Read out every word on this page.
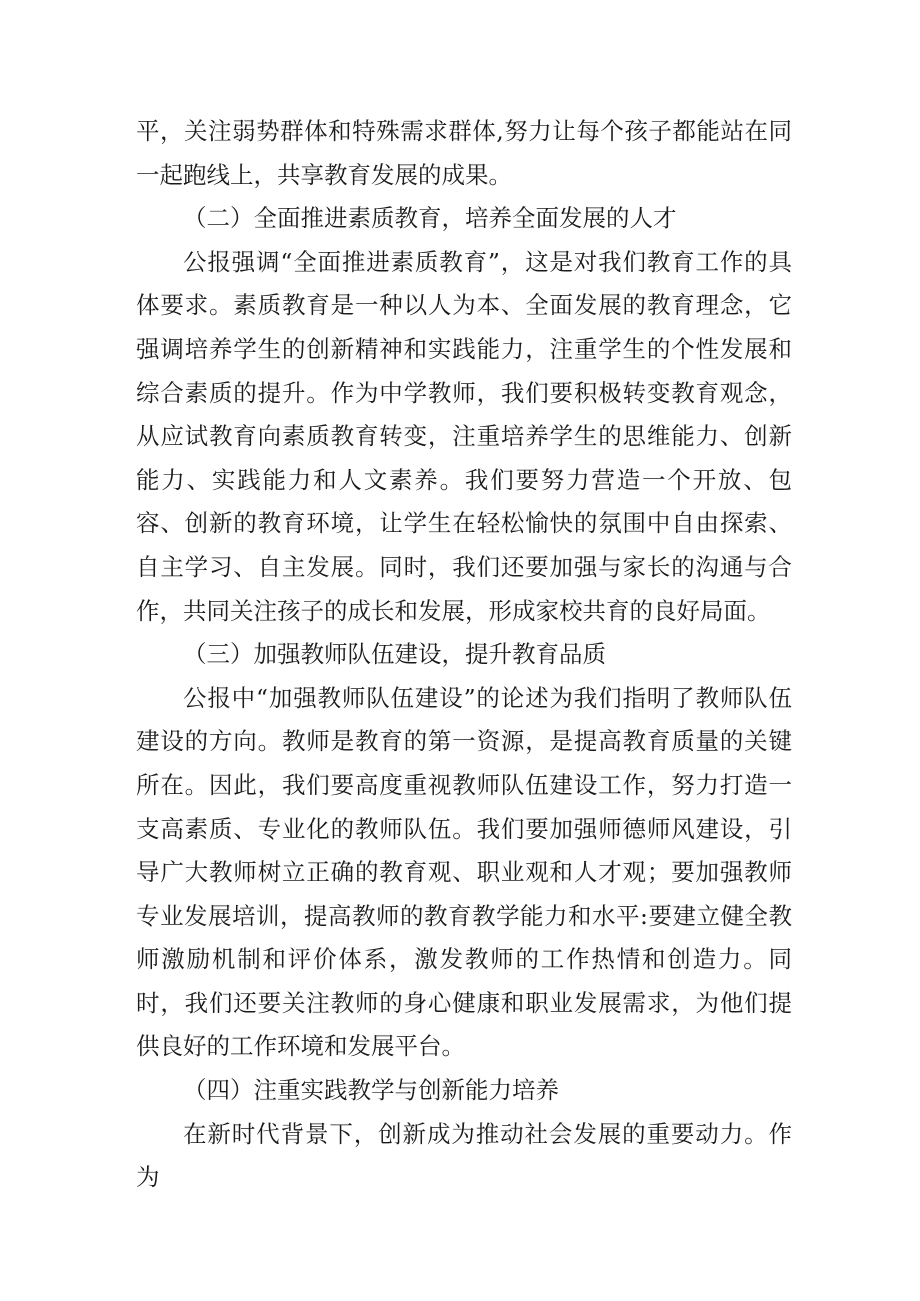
平，关注弱势群体和特殊需求群体,努力让每个孩子都能站在同一起跑线上，共享教育发展的成果。

（二）全面推进素质教育，培养全面发展的人才

公报强调“全面推进素质教育”，这是对我们教育工作的具体要求。素质教育是一种以人为本、全面发展的教育理念，它强调培养学生的创新精神和实践能力，注重学生的个性发展和综合素质的提升。作为中学教师，我们要积极转变教育观念，从应试教育向素质教育转变，注重培养学生的思维能力、创新能力、实践能力和人文素养。我们要努力营造一个开放、包容、创新的教育环境，让学生在轻松愉快的氛围中自由探索、自主学习、自主发展。同时，我们还要加强与家长的沟通与合作，共同关注孩子的成长和发展，形成家校共育的良好局面。

（三）加强教师队伍建设，提升教育品质

公报中“加强教师队伍建设”的论述为我们指明了教师队伍建设的方向。教师是教育的第一资源，是提高教育质量的关键所在。因此，我们要高度重视教师队伍建设工作，努力打造一支高素质、专业化的教师队伍。我们要加强师德师风建设，引导广大教师树立正确的教育观、职业观和人才观；要加强教师专业发展培训，提高教师的教育教学能力和水平:要建立健全教师激励机制和评价体系，激发教师的工作热情和创造力。同时，我们还要关注教师的身心健康和职业发展需求，为他们提供良好的工作环境和发展平台。

（四）注重实践教学与创新能力培养

在新时代背景下，创新成为推动社会发展的重要动力。作为
